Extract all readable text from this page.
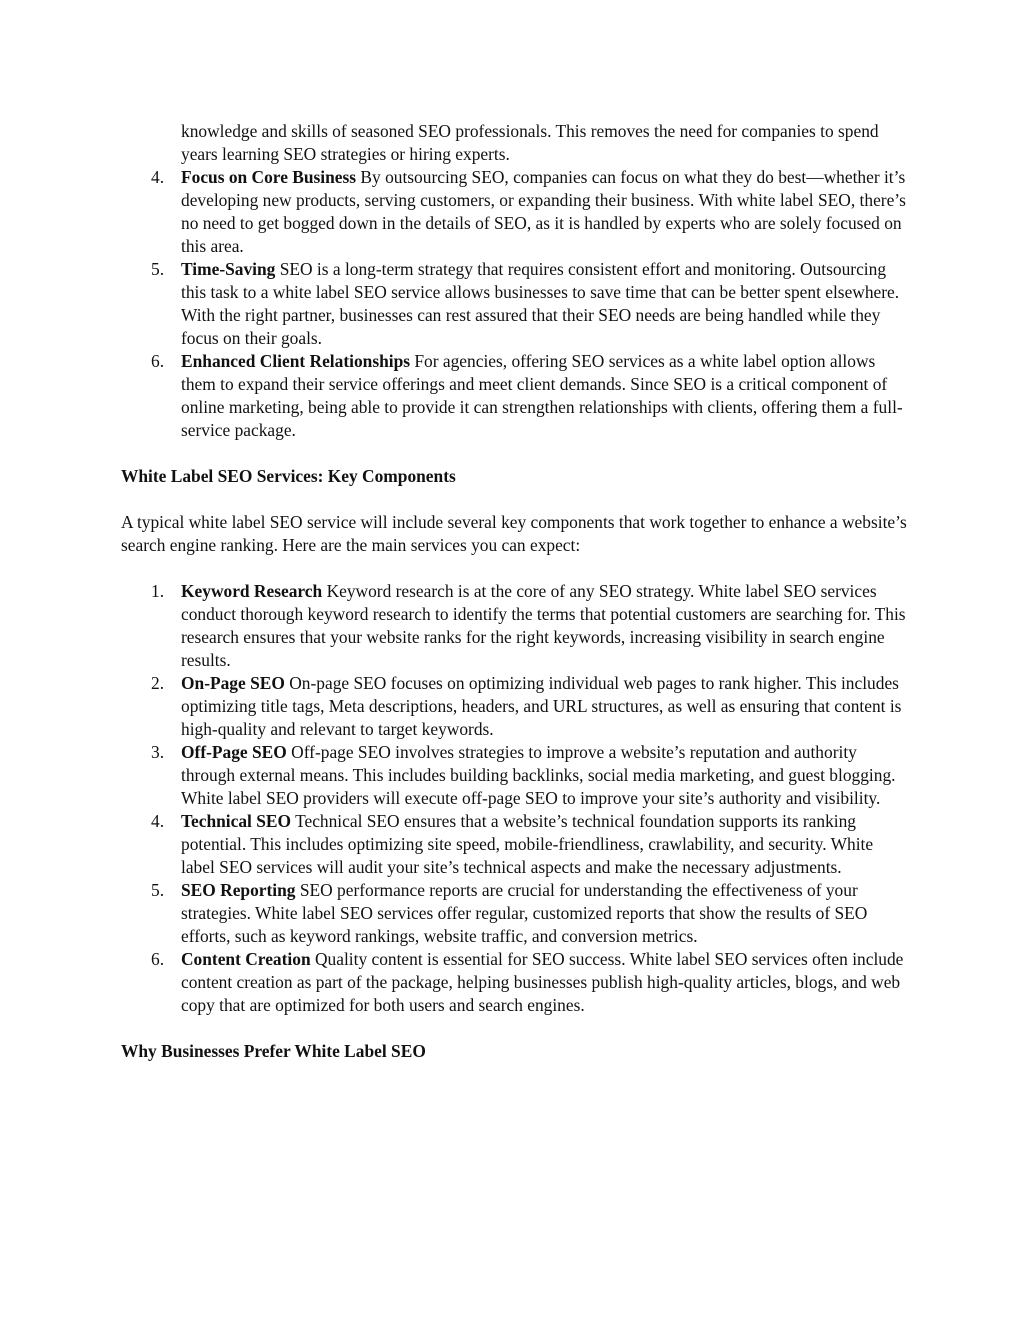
knowledge and skills of seasoned SEO professionals. This removes the need for companies to spend years learning SEO strategies or hiring experts.
4. Focus on Core Business By outsourcing SEO, companies can focus on what they do best—whether it’s developing new products, serving customers, or expanding their business. With white label SEO, there’s no need to get bogged down in the details of SEO, as it is handled by experts who are solely focused on this area.
5. Time-Saving SEO is a long-term strategy that requires consistent effort and monitoring. Outsourcing this task to a white label SEO service allows businesses to save time that can be better spent elsewhere. With the right partner, businesses can rest assured that their SEO needs are being handled while they focus on their goals.
6. Enhanced Client Relationships For agencies, offering SEO services as a white label option allows them to expand their service offerings and meet client demands. Since SEO is a critical component of online marketing, being able to provide it can strengthen relationships with clients, offering them a full-service package.

White Label SEO Services: Key Components

A typical white label SEO service will include several key components that work together to enhance a website’s search engine ranking. Here are the main services you can expect:

1. Keyword Research Keyword research is at the core of any SEO strategy. White label SEO services conduct thorough keyword research to identify the terms that potential customers are searching for. This research ensures that your website ranks for the right keywords, increasing visibility in search engine results.
2. On-Page SEO On-page SEO focuses on optimizing individual web pages to rank higher. This includes optimizing title tags, Meta descriptions, headers, and URL structures, as well as ensuring that content is high-quality and relevant to target keywords.
3. Off-Page SEO Off-page SEO involves strategies to improve a website’s reputation and authority through external means. This includes building backlinks, social media marketing, and guest blogging. White label SEO providers will execute off-page SEO to improve your site’s authority and visibility.
4. Technical SEO Technical SEO ensures that a website’s technical foundation supports its ranking potential. This includes optimizing site speed, mobile-friendliness, crawlability, and security. White label SEO services will audit your site’s technical aspects and make the necessary adjustments.
5. SEO Reporting SEO performance reports are crucial for understanding the effectiveness of your strategies. White label SEO services offer regular, customized reports that show the results of SEO efforts, such as keyword rankings, website traffic, and conversion metrics.
6. Content Creation Quality content is essential for SEO success. White label SEO services often include content creation as part of the package, helping businesses publish high-quality articles, blogs, and web copy that are optimized for both users and search engines.

Why Businesses Prefer White Label SEO
